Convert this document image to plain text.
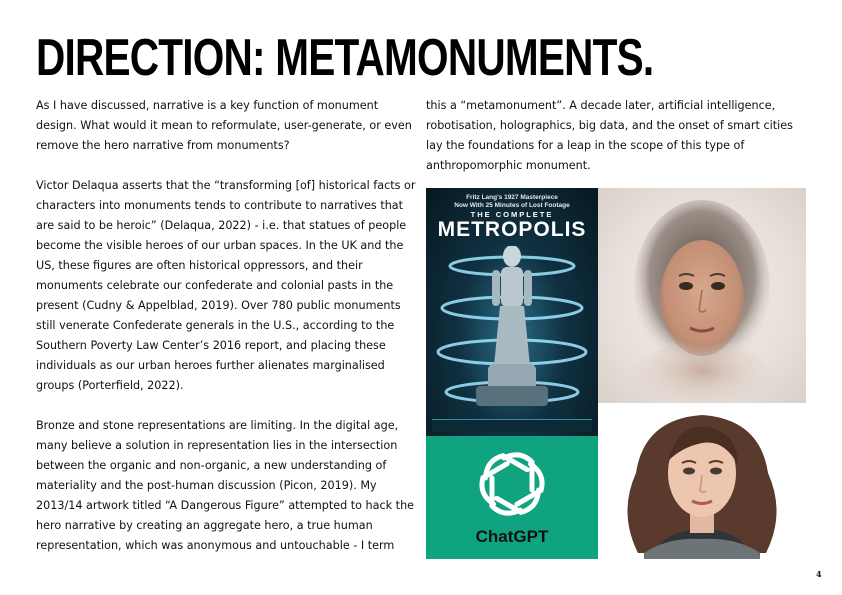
DIRECTION: METAMONUMENTS.

As I have discussed, narrative is a key function of monument design. What would it mean to reformulate, user-generate, or even remove the hero narrative from monuments?

Victor Delaqua asserts that the “transforming [of] historical facts or characters into monuments tends to contribute to narratives that are said to be heroic” (Delaqua, 2022) - i.e. that statues of people become the visible heroes of our urban spaces. In the UK and the US, these figures are often historical oppressors, and their monuments celebrate our confederate and colonial pasts in the present (Cudny & Appelblad, 2019). Over 780 public monuments still venerate Confederate generals in the U.S., according to the Southern Poverty Law Center’s 2016 report, and placing these individuals as our urban heroes further alienates marginalised groups (Porterfield, 2022).

Bronze and stone representations are limiting. In the digital age, many believe a solution in representation lies in the intersection between the organic and non-organic, a new understanding of materiality and the post-human discussion (Picon, 2019). My 2013/14 artwork titled “A Dangerous Figure” attempted to hack the hero narrative by creating an aggregate hero, a true human representation, which was anonymous and untouchable - I term

this a “metamonument”. A decade later, artificial intelligence, robotisation, holographics, big data, and the onset of smart cities lay the foundations for a leap in the scope of this type of anthropomorphic monument.

Fritz Lang's 1927 Masterpiece
Now With 25 Minutes of Lost Footage
THE COMPLETE
METROPOLIS
ChatGPT
4
